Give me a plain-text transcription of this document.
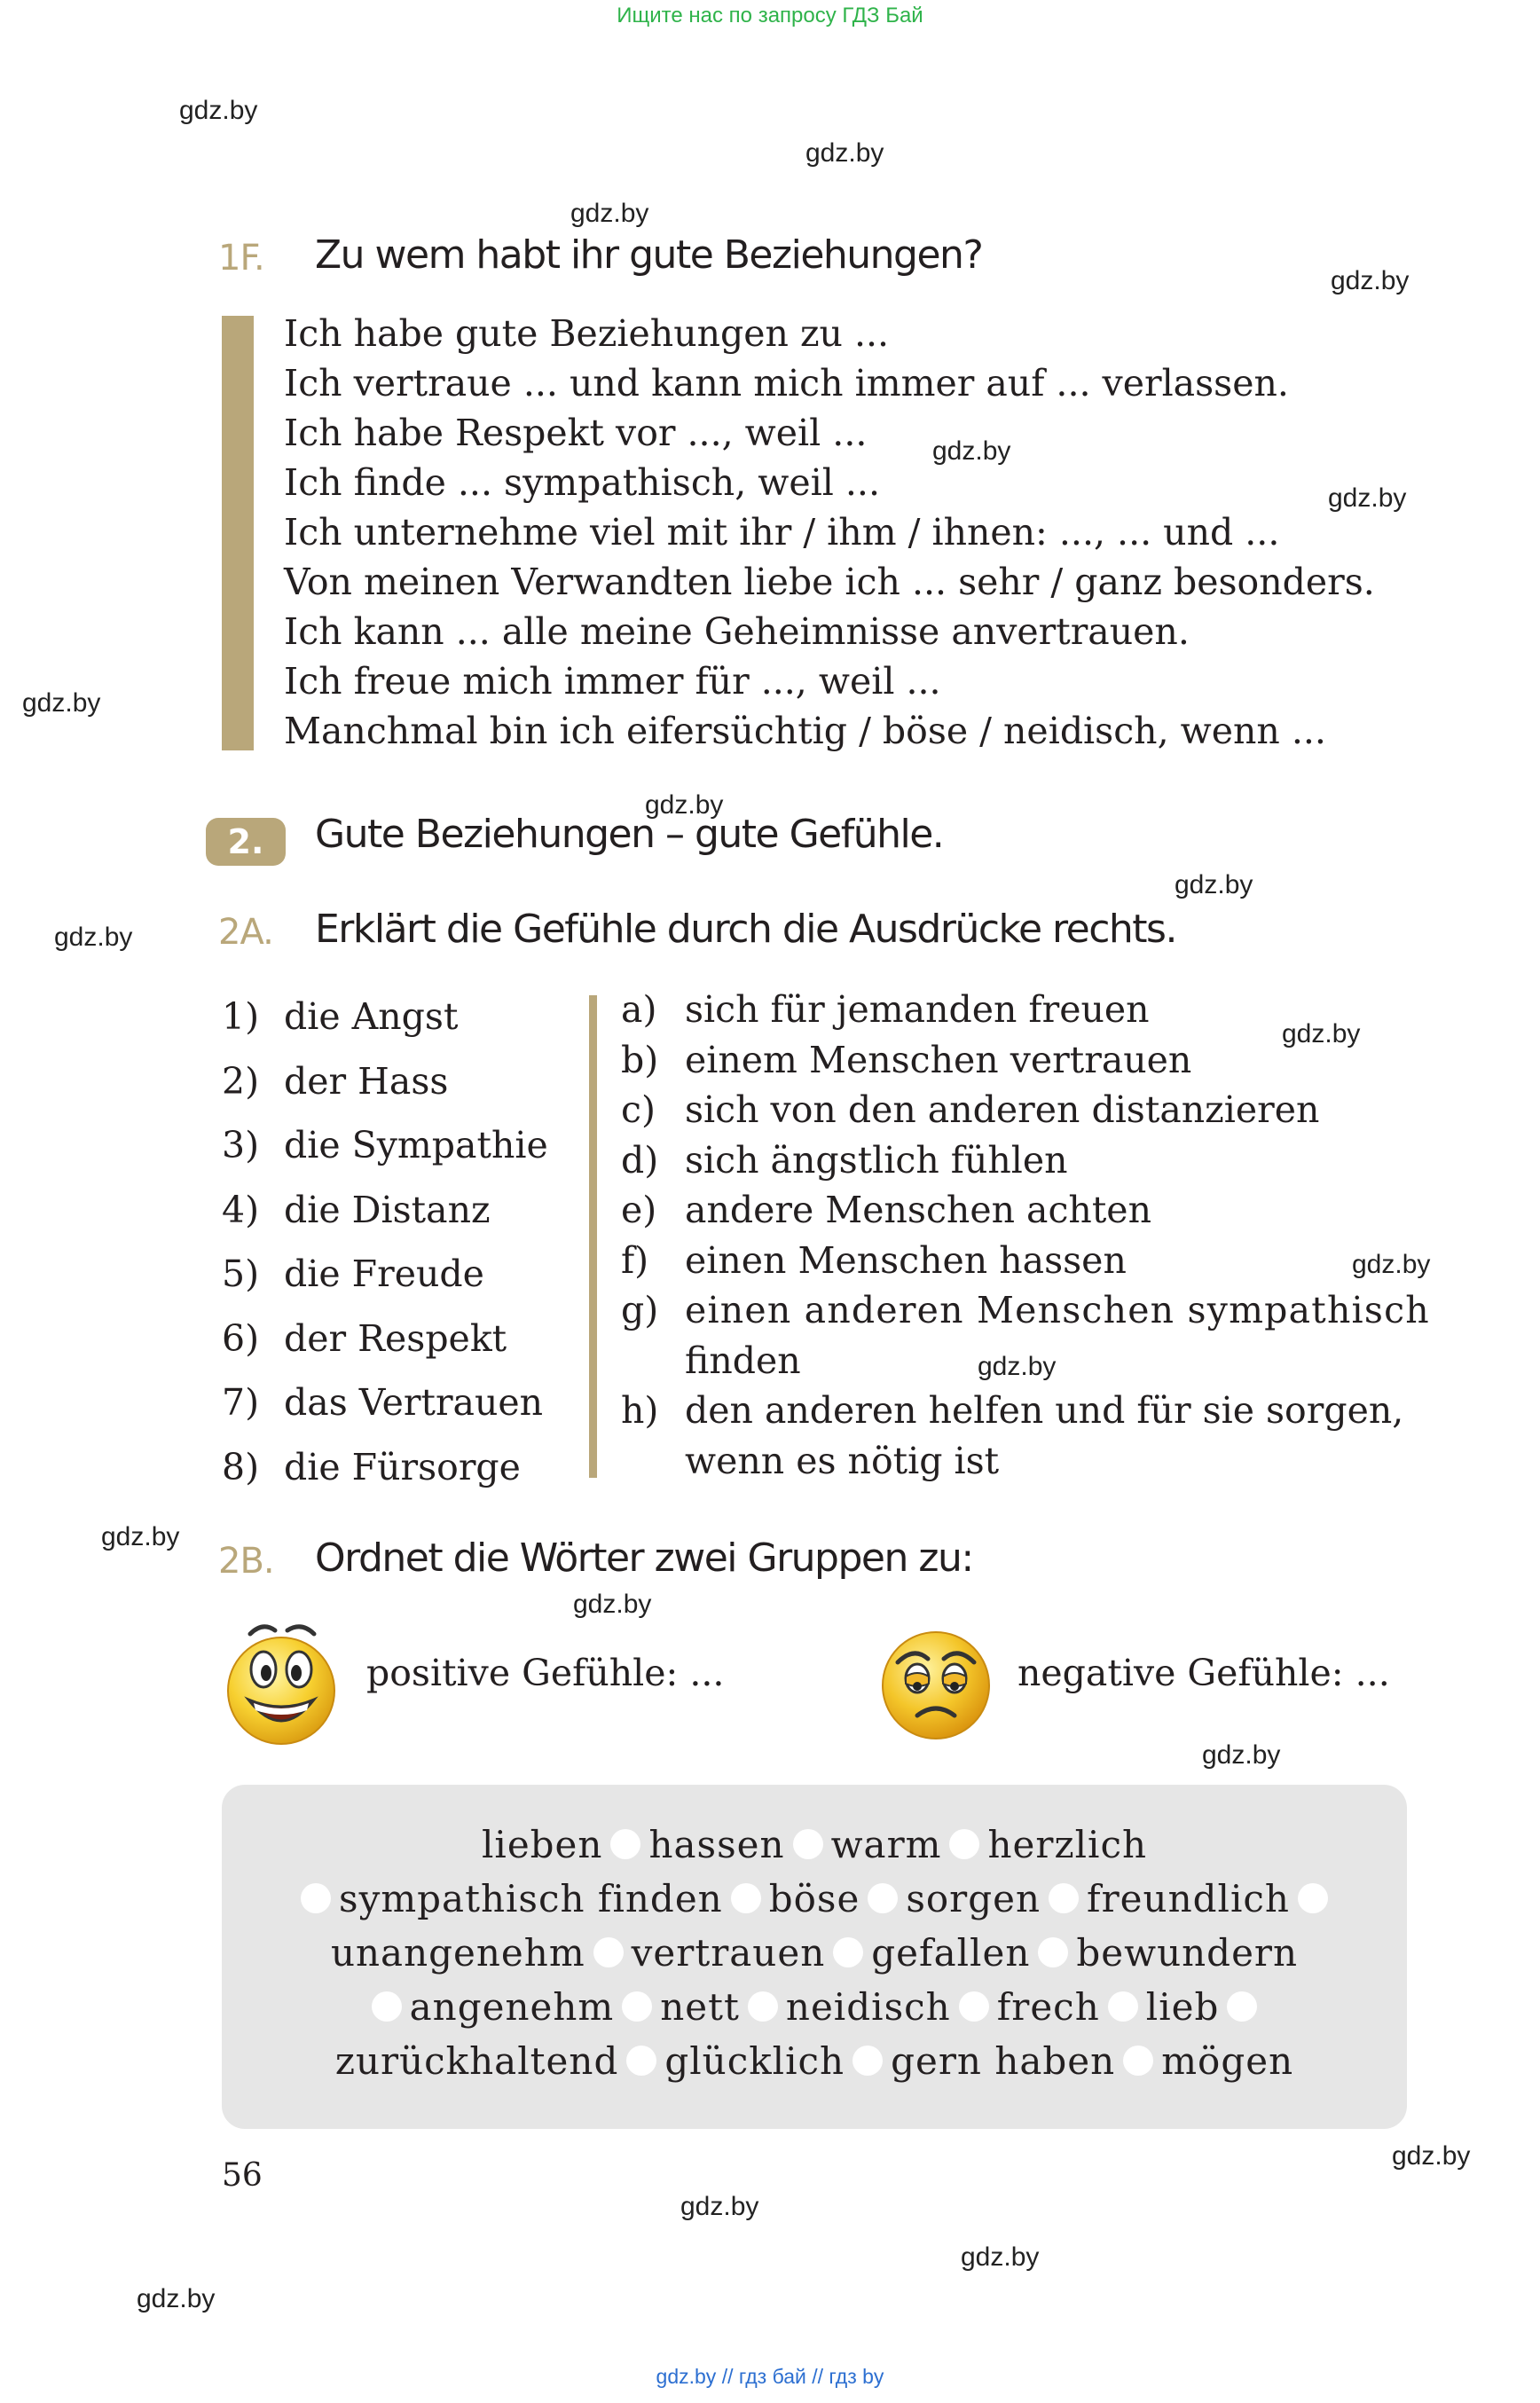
Ищите нас по запросу ГДЗ Бай
gdz.by
gdz.by
gdz.by
gdz.by
gdz.by
gdz.by
gdz.by
gdz.by
gdz.by
gdz.by
gdz.by
gdz.by
gdz.by
gdz.by
gdz.by
gdz.by
gdz.by
gdz.by
gdz.by
gdz.by
1F. Zu wem habt ihr gute Beziehungen?
Ich habe gute Beziehungen zu ...
Ich vertraue ... und kann mich immer auf ... verlassen.
Ich habe Respekt vor ..., weil ...
Ich finde ... sympathisch, weil ...
Ich unternehme viel mit ihr / ihm / ihnen: ..., ... und ...
Von meinen Verwandten liebe ich ... sehr / ganz besonders.
Ich kann ... alle meine Geheimnisse anvertrauen.
Ich freue mich immer für ..., weil ...
Manchmal bin ich eifersüchtig / böse / neidisch, wenn ...
2.	Gute Beziehungen – gute Gefühle.
2A. Erklärt die Gefühle durch die Ausdrücke rechts.
1) die Angst
2) der Hass
3) die Sympathie
4) die Distanz
5) die Freude
6) der Respekt
7) das Vertrauen
8) die Fürsorge
a) sich für jemanden freuen
b) einem Menschen vertrauen
c) sich von den anderen distanzieren
d) sich ängstlich fühlen
e) andere Menschen achten
f) einen Menschen hassen
g) einen anderen Menschen sympathisch
finden
h) den anderen helfen und für sie sorgen,
wenn es nötig ist
2B. Ordnet die Wörter zwei Gruppen zu:
positive Gefühle: ...	negative Gefühle: ...
lieben hassen warm herzlich
sympathisch finden böse sorgen freundlich
unangenehm vertrauen gefallen bewundern
angenehm nett neidisch frech lieb
zurückhaltend glücklich gern haben mögen
56
gdz.by // гдз бай // гдз by
